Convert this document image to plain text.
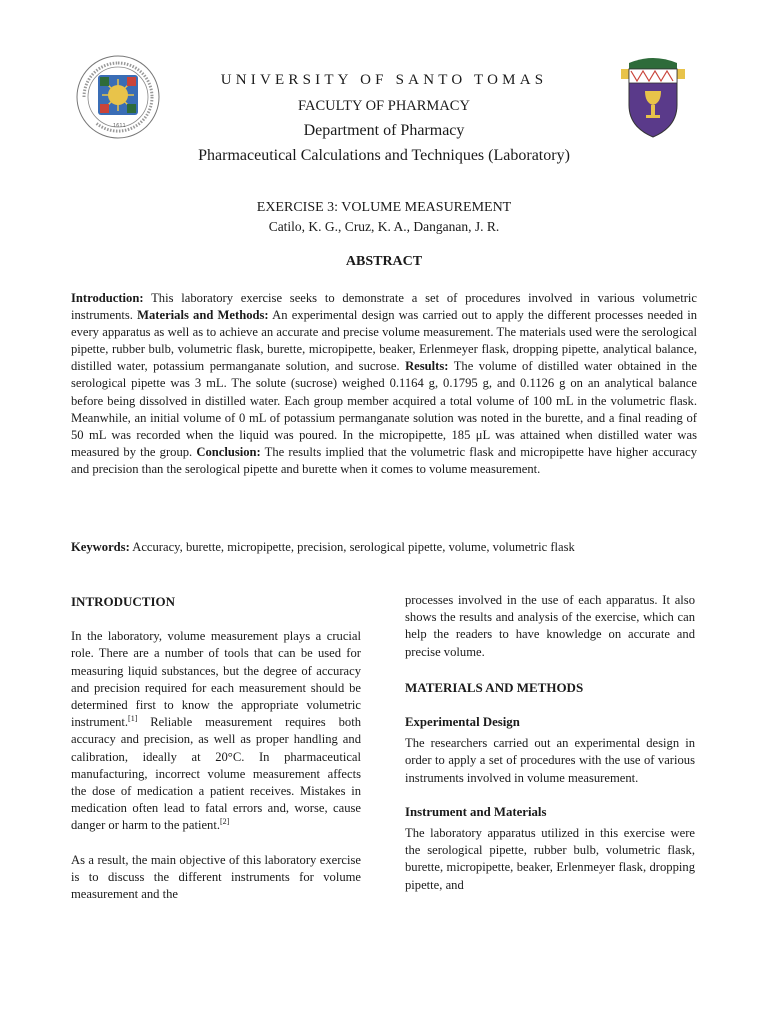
1611
UNIVERSITY OF SANTO TOMAS
FACULTY OF PHARMACY
Department of Pharmacy
Pharmaceutical Calculations and Techniques (Laboratory)
EXERCISE 3: VOLUME MEASUREMENT
Catilo, K. G., Cruz, K. A., Danganan, J. R.
ABSTRACT
Introduction: This laboratory exercise seeks to demonstrate a set of procedures involved in various volumetric instruments. Materials and Methods: An experimental design was carried out to apply the different processes needed in every apparatus as well as to achieve an accurate and precise volume measurement. The materials used were the serological pipette, rubber bulb, volumetric flask, burette, micropipette, beaker, Erlenmeyer flask, dropping pipette, analytical balance, distilled water, potassium permanganate solution, and sucrose. Results: The volume of distilled water obtained in the serological pipette was 3 mL. The solute (sucrose) weighed 0.1164 g, 0.1795 g, and 0.1126 g on an analytical balance before being dissolved in distilled water. Each group member acquired a total volume of 100 mL in the volumetric flask. Meanwhile, an initial volume of 0 mL of potassium permanganate solution was noted in the burette, and a final reading of 50 mL was recorded when the liquid was poured. In the micropipette, 185 μL was attained when distilled water was measured by the group. Conclusion: The results implied that the volumetric flask and micropipette have higher accuracy and precision than the serological pipette and burette when it comes to volume measurement.
Keywords: Accuracy, burette, micropipette, precision, serological pipette, volume, volumetric flask

INTRODUCTION

In the laboratory, volume measurement plays a crucial role. There are a number of tools that can be used for measuring liquid substances, but the degree of accuracy and precision required for each measurement should be determined first to know the appropriate volumetric instrument.[1] Reliable measurement requires both accuracy and precision, as well as proper handling and calibration, ideally at 20°C. In pharmaceutical manufacturing, incorrect volume measurement affects the dose of medication a patient receives. Mistakes in medication often lead to fatal errors and, worse, cause danger or harm to the patient.[2]

As a result, the main objective of this laboratory exercise is to discuss the different instruments for volume measurement and the

processes involved in the use of each apparatus. It also shows the results and analysis of the exercise, which can help the readers to have knowledge on accurate and precise volume.

MATERIALS AND METHODS

Experimental Design

The researchers carried out an experimental design in order to apply a set of procedures with the use of various instruments involved in volume measurement.

Instrument and Materials

The laboratory apparatus utilized in this exercise were the serological pipette, rubber bulb, volumetric flask, burette, micropipette, beaker, Erlenmeyer flask, dropping pipette, and
